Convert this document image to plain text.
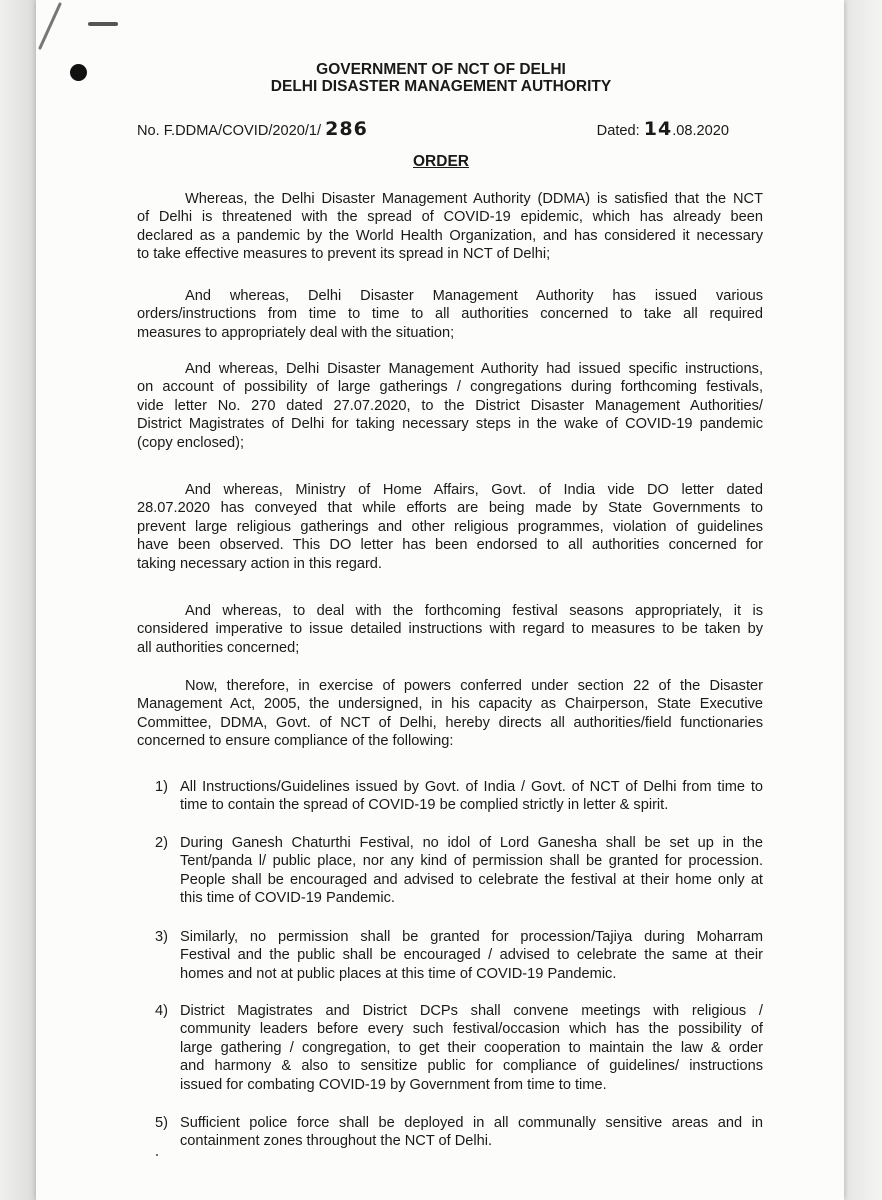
GOVERNMENT OF NCT OF DELHI
DELHI DISASTER MANAGEMENT AUTHORITY
No. F.DDMA/COVID/2020/1/ 286	Dated: 14.08.2020
ORDER
Whereas, the Delhi Disaster Management Authority (DDMA) is satisfied that the NCT
of Delhi is threatened with the spread of COVID-19 epidemic, which has already been
declared as a pandemic by the World Health Organization, and has considered it necessary
to take effective measures to prevent its spread in NCT of Delhi;
And whereas, Delhi Disaster Management Authority has issued various
orders/instructions from time to time to all authorities concerned to take all required
measures to appropriately deal with the situation;
And whereas, Delhi Disaster Management Authority had issued specific instructions,
on account of possibility of large gatherings / congregations during forthcoming festivals,
vide letter No. 270 dated 27.07.2020, to the District Disaster Management Authorities/
District Magistrates of Delhi for taking necessary steps in the wake of COVID-19 pandemic
(copy enclosed);
And whereas, Ministry of Home Affairs, Govt. of India vide DO letter dated
28.07.2020 has conveyed that while efforts are being made by State Governments to
prevent large religious gatherings and other religious programmes, violation of guidelines
have been observed. This DO letter has been endorsed to all authorities concerned for
taking necessary action in this regard.
And whereas, to deal with the forthcoming festival seasons appropriately, it is
considered imperative to issue detailed instructions with regard to measures to be taken by
all authorities concerned;
Now, therefore, in exercise of powers conferred under section 22 of the Disaster
Management Act, 2005, the undersigned, in his capacity as Chairperson, State Executive
Committee, DDMA, Govt. of NCT of Delhi, hereby directs all authorities/field functionaries
concerned to ensure compliance of the following:
1) All Instructions/Guidelines issued by Govt. of India / Govt. of NCT of Delhi from time to
time to contain the spread of COVID-19 be complied strictly in letter & spirit.
2) During Ganesh Chaturthi Festival, no idol of Lord Ganesha shall be set up in the
Tent/panda l/ public place, nor any kind of permission shall be granted for procession.
People shall be encouraged and advised to celebrate the festival at their home only at
this time of COVID-19 Pandemic.
3) Similarly, no permission shall be granted for procession/Tajiya during Moharram
Festival and the public shall be encouraged / advised to celebrate the same at their
homes and not at public places at this time of COVID-19 Pandemic.
4) District Magistrates and District DCPs shall convene meetings with religious /
community leaders before every such festival/occasion which has the possibility of
large gathering / congregation, to get their cooperation to maintain the law & order
and harmony & also to sensitize public for compliance of guidelines/ instructions
issued for combating COVID-19 by Government from time to time.
5) Sufficient police force shall be deployed in all communally sensitive areas and in
containment zones throughout the NCT of Delhi.
